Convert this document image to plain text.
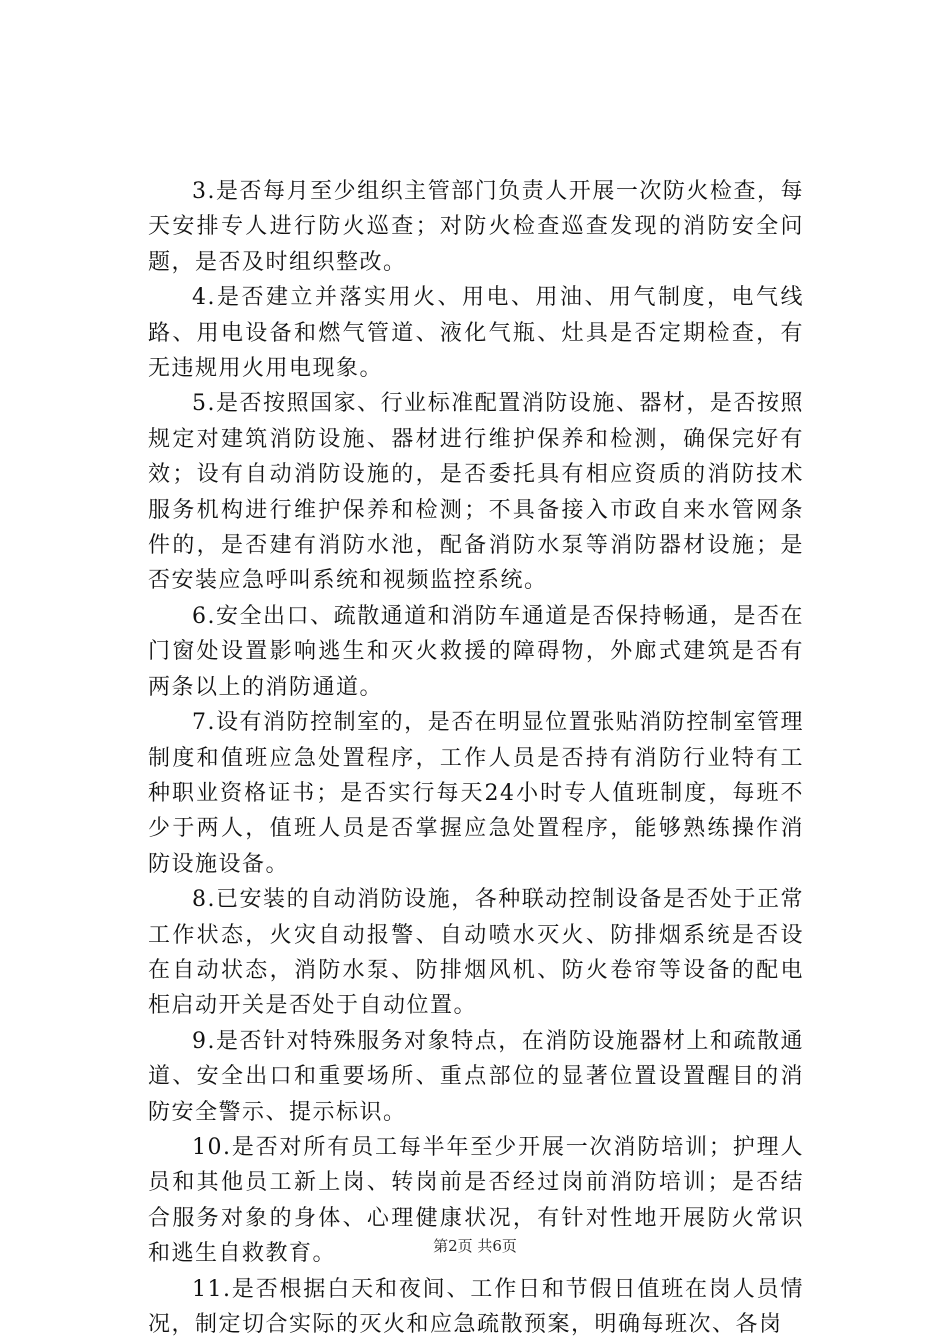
3.是否每月至少组织主管部门负责人开展一次防火检查，每天安排专人进行防火巡查；对防火检查巡查发现的消防安全问题，是否及时组织整改。

4.是否建立并落实用火、用电、用油、用气制度，电气线路、用电设备和燃气管道、液化气瓶、灶具是否定期检查，有无违规用火用电现象。

5.是否按照国家、行业标准配置消防设施、器材，是否按照规定对建筑消防设施、器材进行维护保养和检测，确保完好有效；设有自动消防设施的，是否委托具有相应资质的消防技术服务机构进行维护保养和检测；不具备接入市政自来水管网条件的，是否建有消防水池，配备消防水泵等消防器材设施；是否安装应急呼叫系统和视频监控系统。

6.安全出口、疏散通道和消防车通道是否保持畅通，是否在门窗处设置影响逃生和灭火救援的障碍物，外廊式建筑是否有两条以上的消防通道。

7.设有消防控制室的，是否在明显位置张贴消防控制室管理制度和值班应急处置程序，工作人员是否持有消防行业特有工种职业资格证书；是否实行每天24小时专人值班制度，每班不少于两人，值班人员是否掌握应急处置程序，能够熟练操作消防设施设备。

8.已安装的自动消防设施，各种联动控制设备是否处于正常工作状态，火灾自动报警、自动喷水灭火、防排烟系统是否设在自动状态，消防水泵、防排烟风机、防火卷帘等设备的配电柜启动开关是否处于自动位置。

9.是否针对特殊服务对象特点，在消防设施器材上和疏散通道、安全出口和重要场所、重点部位的显著位置设置醒目的消防安全警示、提示标识。

10.是否对所有员工每半年至少开展一次消防培训；护理人员和其他员工新上岗、转岗前是否经过岗前消防培训；是否结合服务对象的身体、心理健康状况，有针对性地开展防火常识和逃生自救教育。

11.是否根据白天和夜间、工作日和节假日值班在岗人员情况，制定切合实际的灭火和应急疏散预案，明确每班次、各岗

第2页 共6页
